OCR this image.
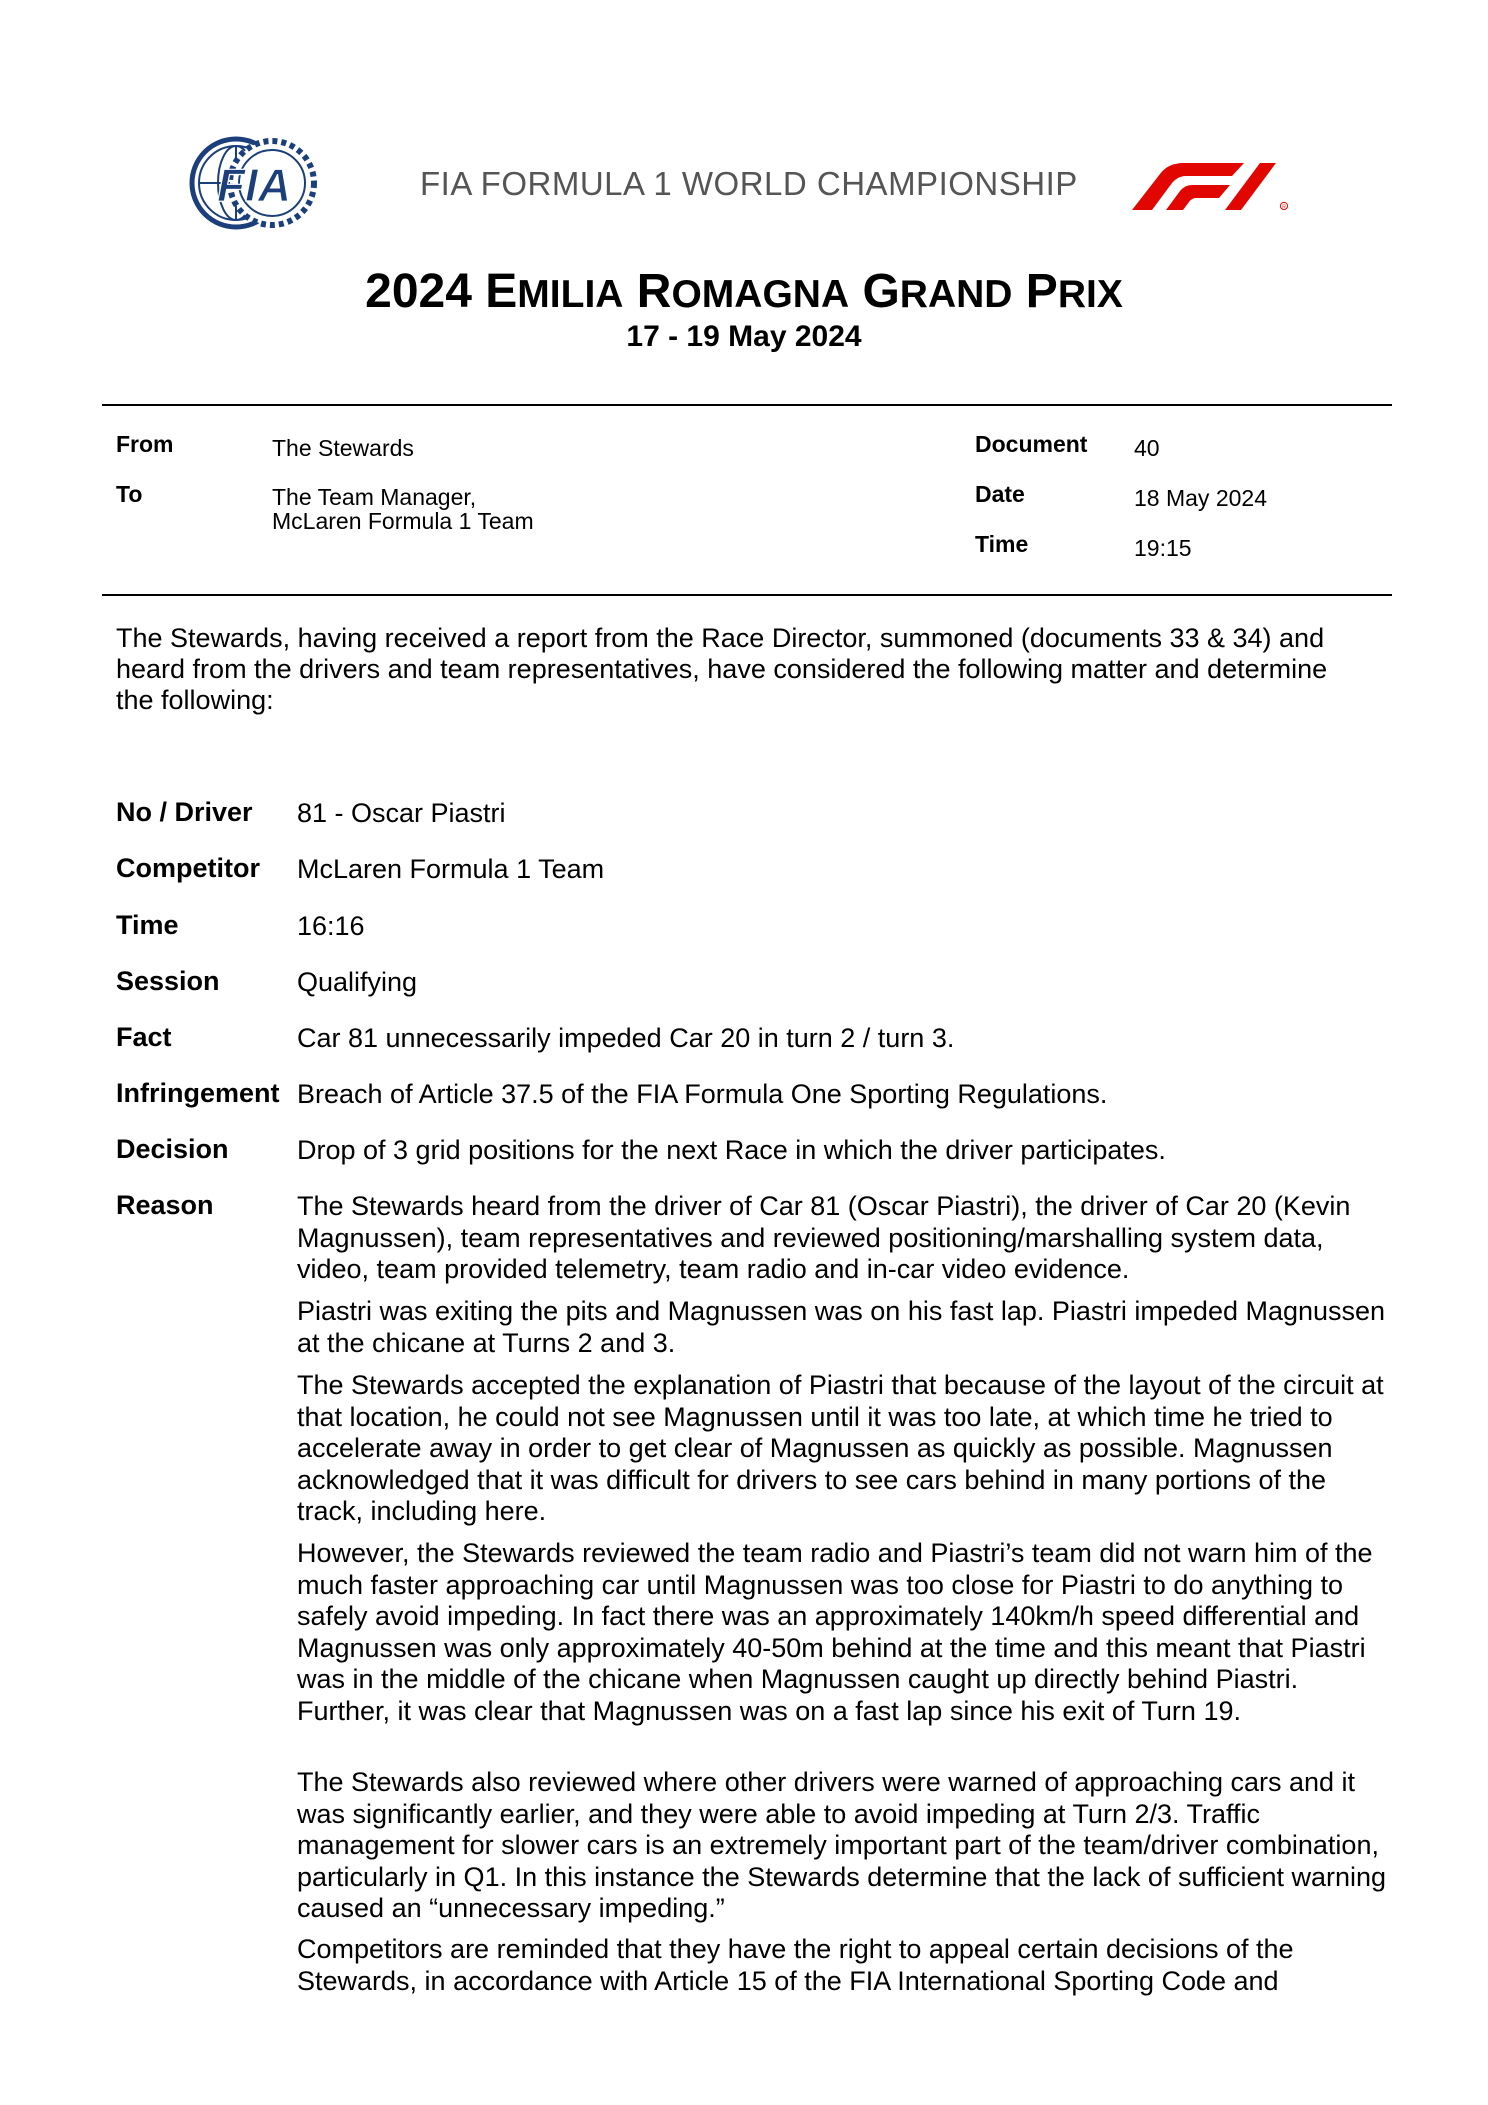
FIA	FIA FORMULA 1 WORLD CHAMPIONSHIP
R
2024 EMILIA ROMAGNA GRAND PRIX
17 - 19 May 2024
From	The Stewards
To	The Team Manager,
McLaren Formula 1 Team
Document 40
Date	18 May 2024
Time	19:15
The Stewards, having received a report from the Race Director, summoned (documents 33 & 34) and heard from the drivers and team representatives, have considered the following matter and determine the following:
No / Driver 81 - Oscar Piastri
Competitor McLaren Formula 1 Team
Time	16:16
Session	Qualifying
Fact	Car 81 unnecessarily impeded Car 20 in turn 2 / turn 3.
Infringement Breach of Article 37.5 of the FIA Formula One Sporting Regulations.
Decision	Drop of 3 grid positions for the next Race in which the driver participates.
Reason	The Stewards heard from the driver of Car 81 (Oscar Piastri), the driver of Car 20 (Kevin Magnussen), team representatives and reviewed positioning/marshalling system data, video, team provided telemetry, team radio and in-car video evidence.

Piastri was exiting the pits and Magnussen was on his fast lap. Piastri impeded Magnussen at the chicane at Turns 2 and 3.

The Stewards accepted the explanation of Piastri that because of the layout of the circuit at that location, he could not see Magnussen until it was too late, at which time he tried to accelerate away in order to get clear of Magnussen as quickly as possible. Magnussen acknowledged that it was difficult for drivers to see cars behind in many portions of the track, including here.

However, the Stewards reviewed the team radio and Piastri’s team did not warn him of the much faster approaching car until Magnussen was too close for Piastri to do anything to safely avoid impeding. In fact there was an approximately 140km/h speed differential and Magnussen was only approximately 40-50m behind at the time and this meant that Piastri was in the middle of the chicane when Magnussen caught up directly behind Piastri. Further, it was clear that Magnussen was on a fast lap since his exit of Turn 19.

The Stewards also reviewed where other drivers were warned of approaching cars and it was significantly earlier, and they were able to avoid impeding at Turn 2/3. Traffic management for slower cars is an extremely important part of the team/driver combination, particularly in Q1. In this instance the Stewards determine that the lack of sufficient warning caused an “unnecessary impeding.”

Competitors are reminded that they have the right to appeal certain decisions of the Stewards, in accordance with Article 15 of the FIA International Sporting Code and
